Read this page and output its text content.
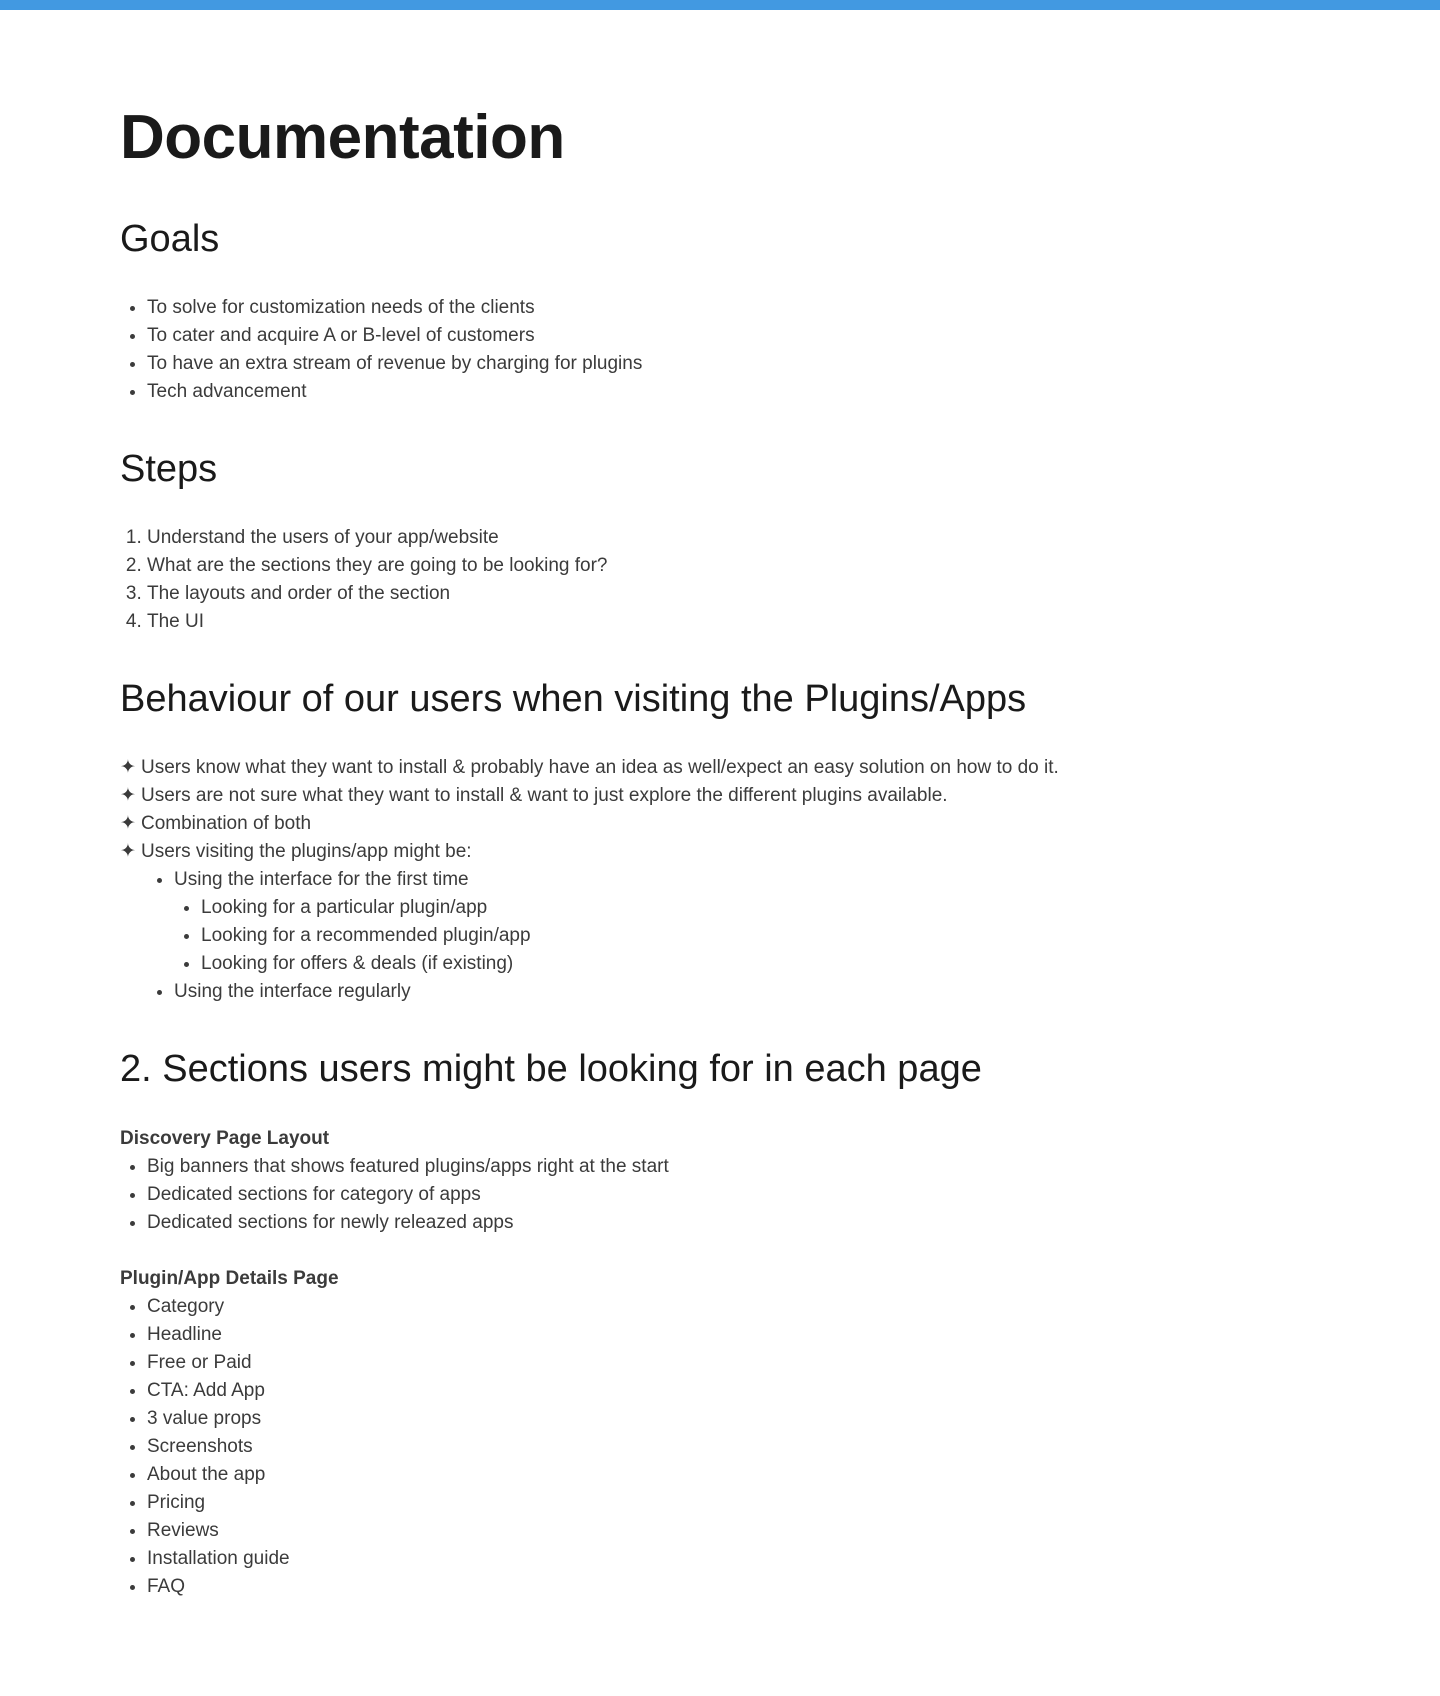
Documentation
Goals
• To solve for customization needs of the clients
• To cater and acquire A or B-level of customers
• To have an extra stream of revenue by charging for plugins
• Tech advancement
Steps
1. Understand the users of your app/website
2. What are the sections they are going to be looking for?
3. The layouts and order of the section
4. The UI
Behaviour of our users when visiting the Plugins/Apps
✦ Users know what they want to install & probably have an idea as well/expect an easy solution on how to do it.
✦ Users are not sure what they want to install & want to just explore the different plugins available.
✦ Combination of both
✦ Users visiting the plugins/app might be:
• Using the interface for the first time
• Looking for a particular plugin/app
• Looking for a recommended plugin/app
• Looking for offers & deals (if existing)
• Using the interface regularly
2. Sections users might be looking for in each page
Discovery Page Layout
• Big banners that shows featured plugins/apps right at the start
• Dedicated sections for category of apps
• Dedicated sections for newly releazed apps
Plugin/App Details Page
• Category
• Headline
• Free or Paid
• CTA: Add App
• 3 value props
• Screenshots
• About the app
• Pricing
• Reviews
• Installation guide
• FAQ
